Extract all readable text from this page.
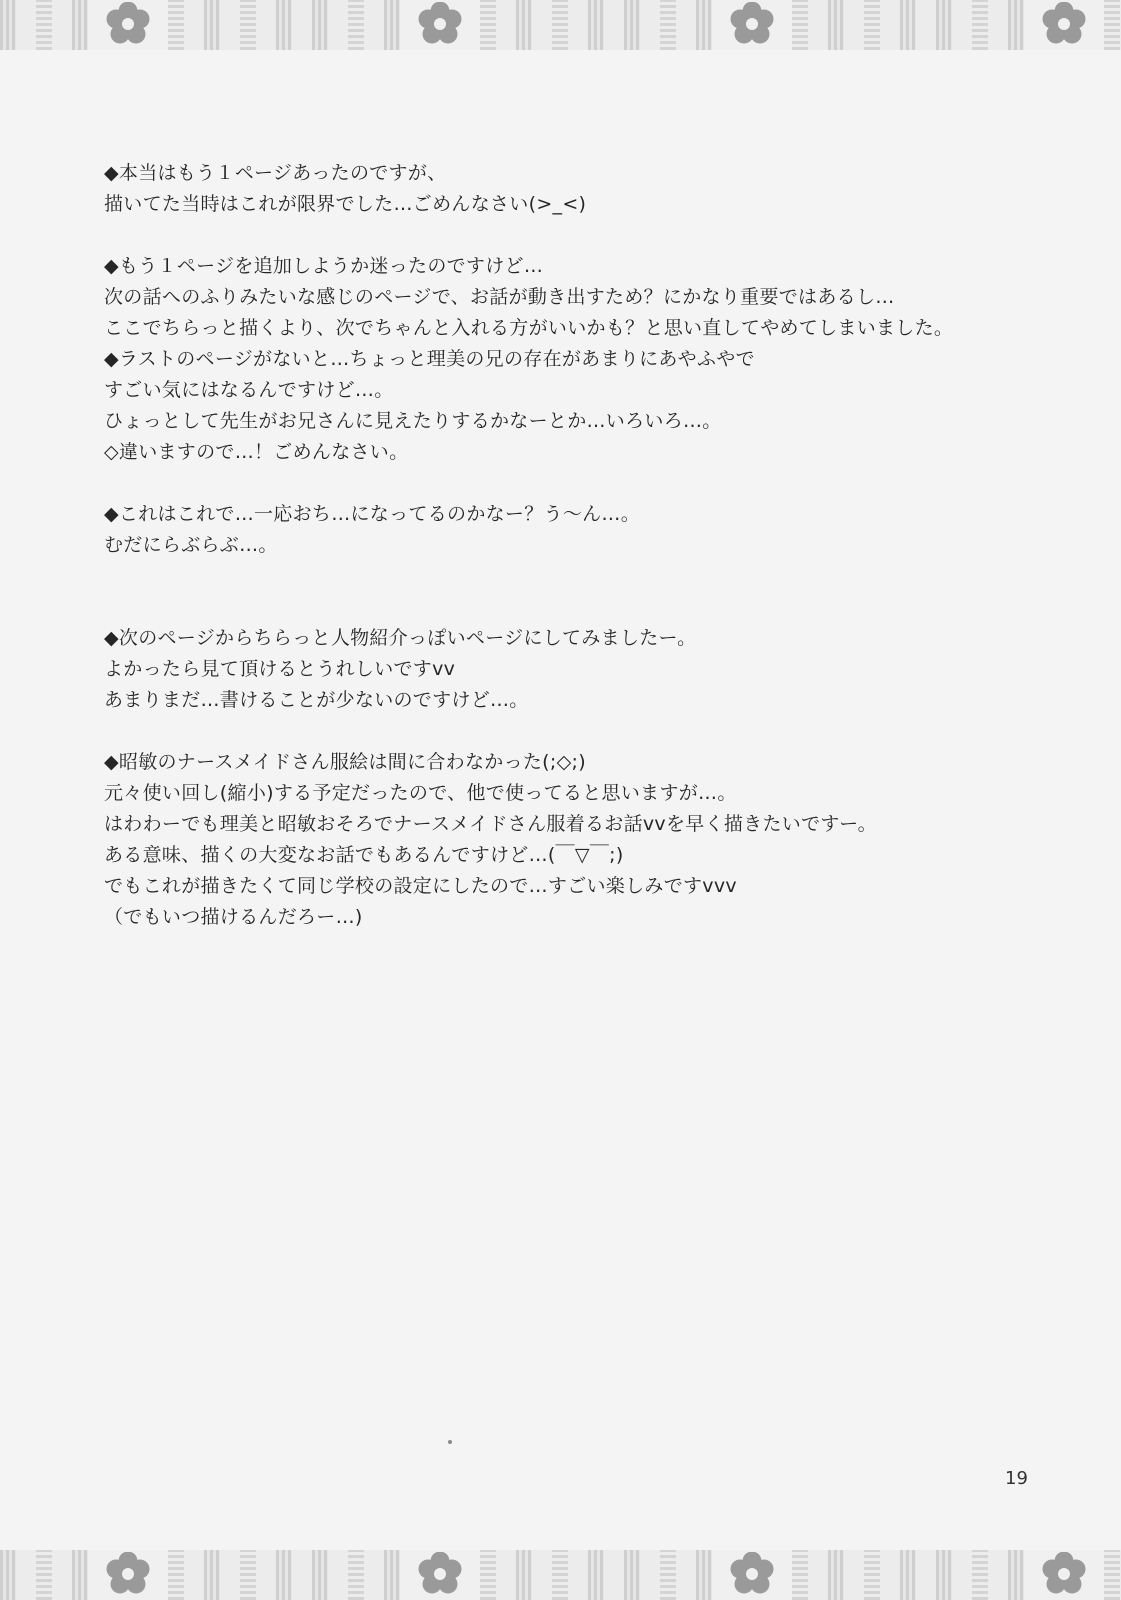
◆本当はもう１ページあったのですが、
描いてた当時はこれが限界でした…ごめんなさい(>_<)
◆もう１ページを追加しようか迷ったのですけど…
次の話へのふりみたいな感じのページで、お話が動き出すため？にかなり重要ではあるし…
ここでちらっと描くより、次でちゃんと入れる方がいいかも？と思い直してやめてしまいました。
◆ラストのページがないと…ちょっと理美の兄の存在があまりにあやふやで
すごい気にはなるんですけど…。
ひょっとして先生がお兄さんに見えたりするかなーとか…いろいろ…。
◇違いますので…！ごめんなさい。
◆これはこれで…一応おち…になってるのかなー？う～ん…。
むだにらぶらぶ…。
◆次のページからちらっと人物紹介っぽいページにしてみましたー。
よかったら見て頂けるとうれしいですvv
あまりまだ…書けることが少ないのですけど…。
◆昭敏のナースメイドさん服絵は間に合わなかった(;◇;)
元々使い回し(縮小)する予定だったので、他で使ってると思いますが…。
はわわーでも理美と昭敏おそろでナースメイドさん服着るお話vvを早く描きたいですー。
ある意味、描くの大変なお話でもあるんですけど…(￣▽￣;)
でもこれが描きたくて同じ学校の設定にしたので…すごい楽しみですvvv
（でもいつ描けるんだろー…)
19
